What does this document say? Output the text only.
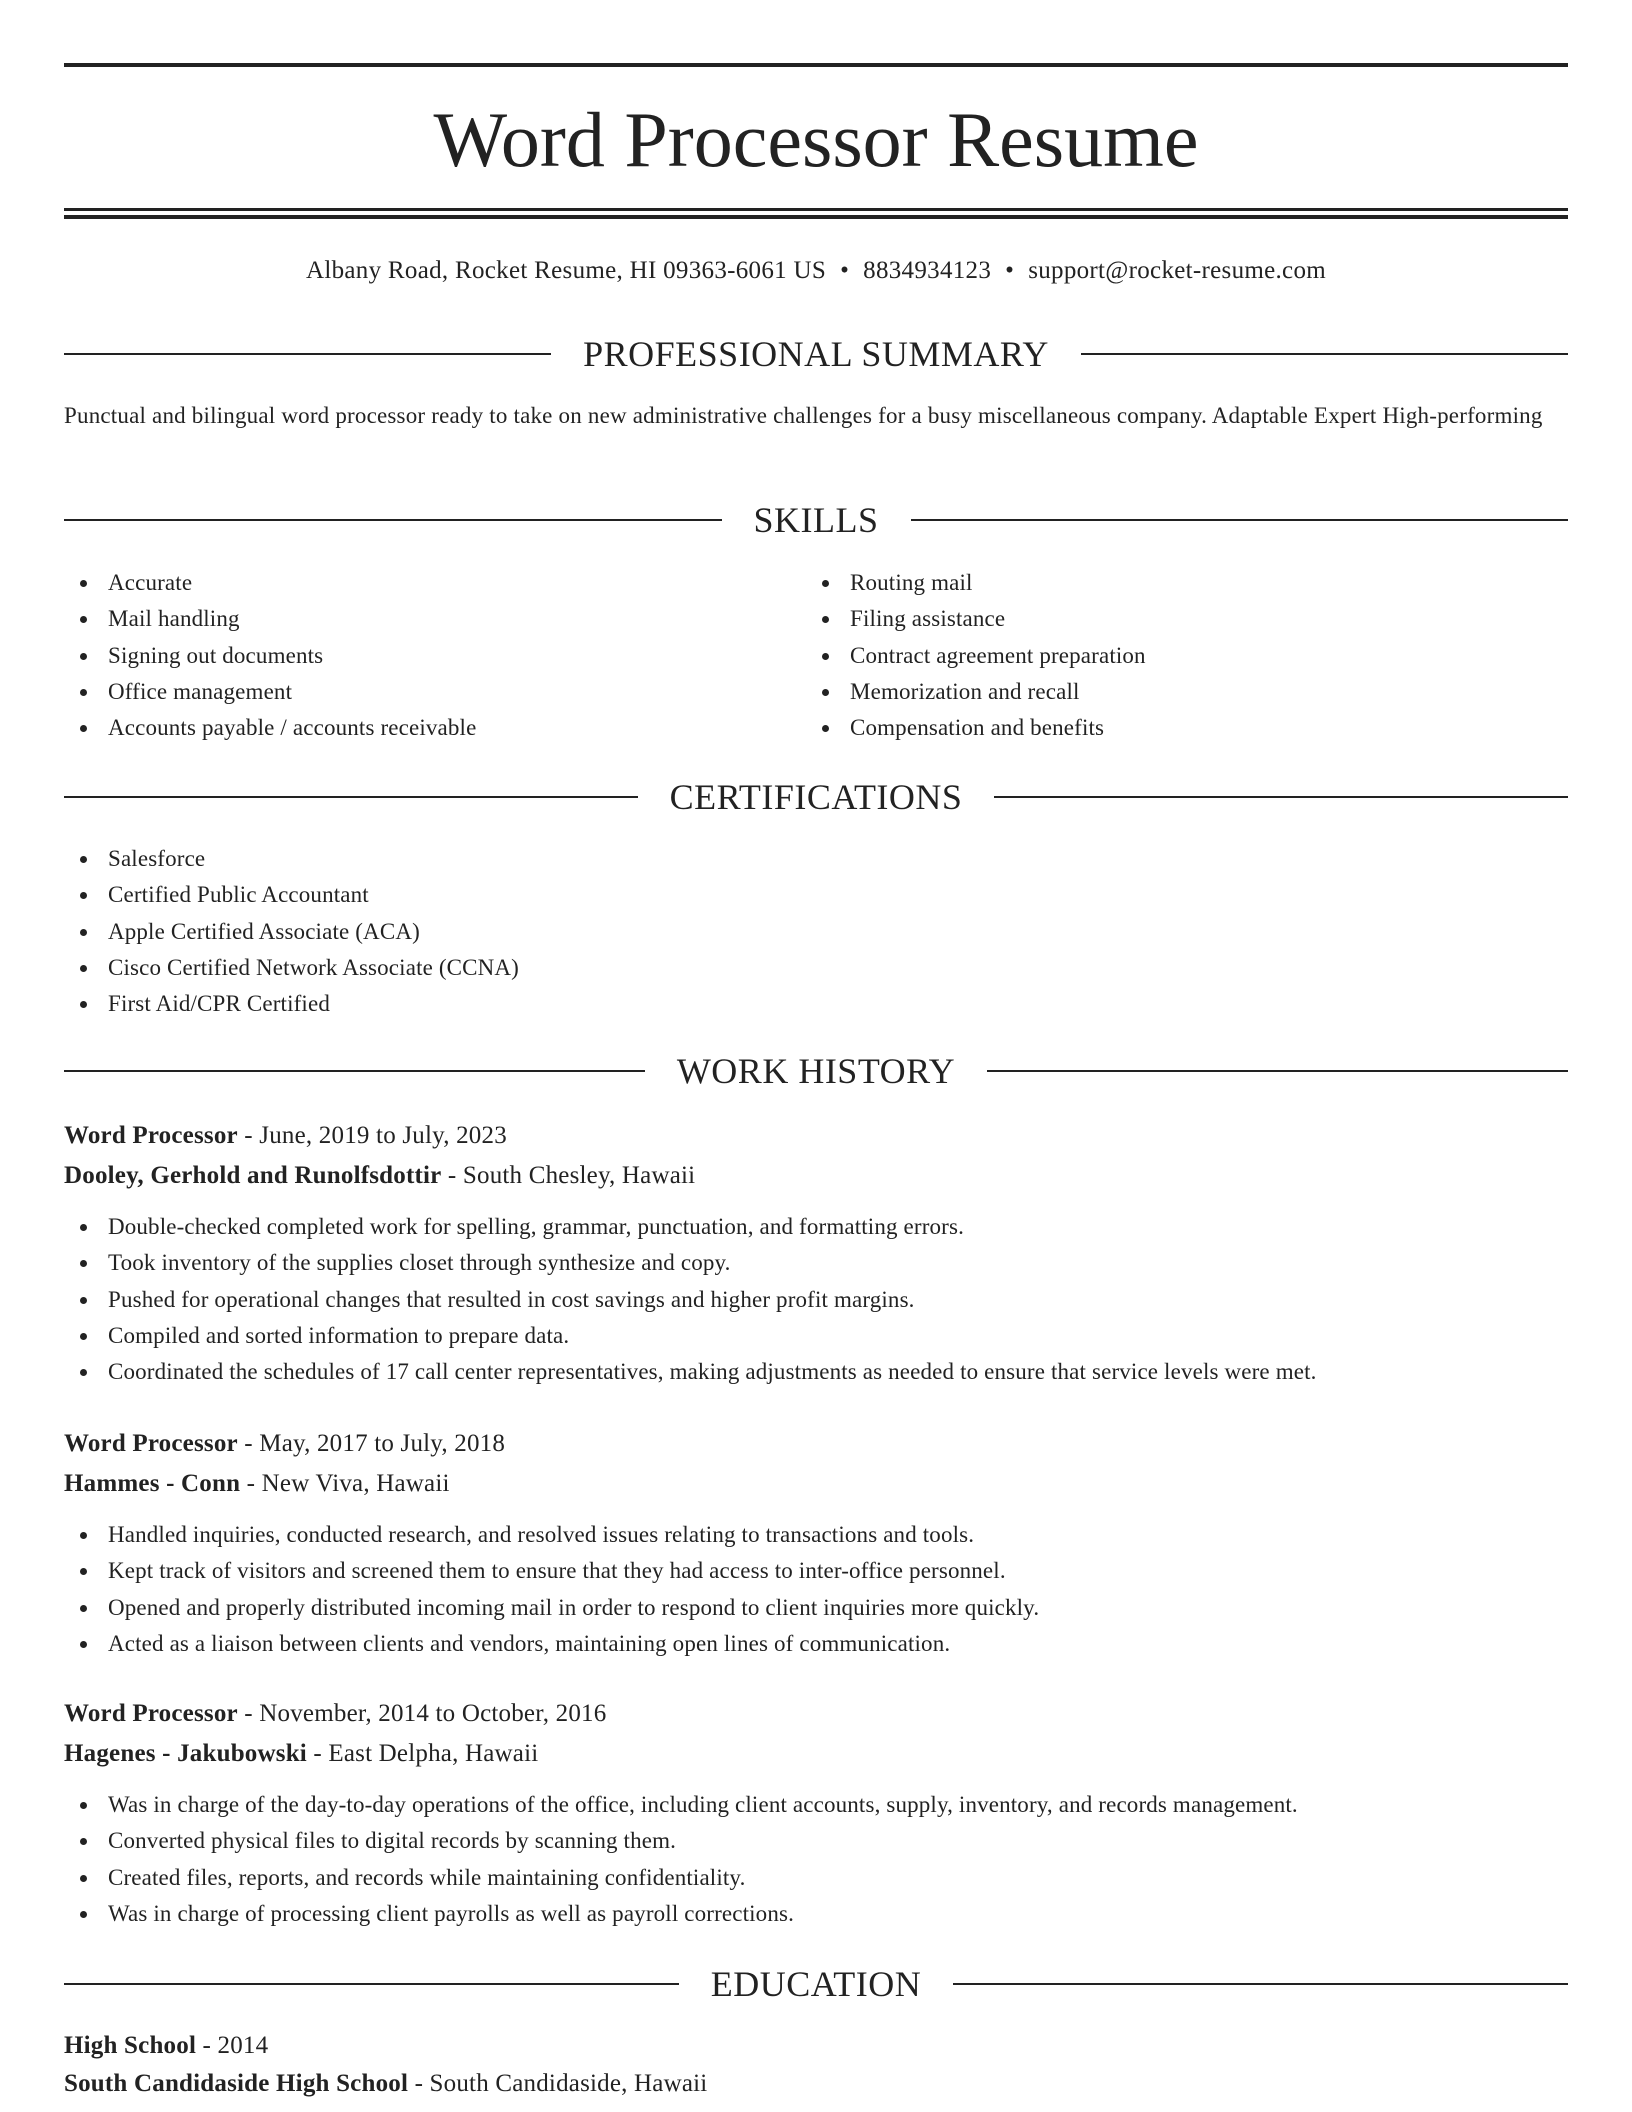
Word Processor Resume
Albany Road, Rocket Resume, HI 09363-6061 US • 8834934123 • support@rocket-resume.com
PROFESSIONAL SUMMARY
Punctual and bilingual word processor ready to take on new administrative challenges for a busy miscellaneous company. Adaptable Expert High-performing
SKILLS
Accurate
Mail handling
Signing out documents
Office management
Accounts payable / accounts receivable
Routing mail
Filing assistance
Contract agreement preparation
Memorization and recall
Compensation and benefits
CERTIFICATIONS
Salesforce
Certified Public Accountant
Apple Certified Associate (ACA)
Cisco Certified Network Associate (CCNA)
First Aid/CPR Certified
WORK HISTORY
Word Processor - June, 2019 to July, 2023
Dooley, Gerhold and Runolfsdottir - South Chesley, Hawaii
Double-checked completed work for spelling, grammar, punctuation, and formatting errors.
Took inventory of the supplies closet through synthesize and copy.
Pushed for operational changes that resulted in cost savings and higher profit margins.
Compiled and sorted information to prepare data.
Coordinated the schedules of 17 call center representatives, making adjustments as needed to ensure that service levels were met.
Word Processor - May, 2017 to July, 2018
Hammes - Conn - New Viva, Hawaii
Handled inquiries, conducted research, and resolved issues relating to transactions and tools.
Kept track of visitors and screened them to ensure that they had access to inter-office personnel.
Opened and properly distributed incoming mail in order to respond to client inquiries more quickly.
Acted as a liaison between clients and vendors, maintaining open lines of communication.
Word Processor - November, 2014 to October, 2016
Hagenes - Jakubowski - East Delpha, Hawaii
Was in charge of the day-to-day operations of the office, including client accounts, supply, inventory, and records management.
Converted physical files to digital records by scanning them.
Created files, reports, and records while maintaining confidentiality.
Was in charge of processing client payrolls as well as payroll corrections.
EDUCATION
High School - 2014
South Candidaside High School - South Candidaside, Hawaii
